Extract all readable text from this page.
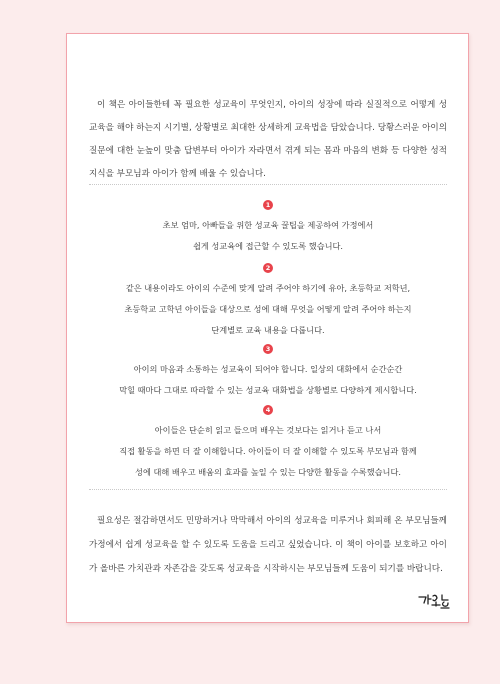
이 책은 아이들한테 꼭 필요한 성교육이 무엇인지, 아이의 성장에 따라 실질적으로 어떻게 성교육을 해야 하는지 시기별, 상황별로 최대한 상세하게 교육법을 담았습니다. 당황스러운 아이의 질문에 대한 눈높이 맞춤 답변부터 아이가 자라면서 겪게 되는 몸과 마음의 변화 등 다양한 성적 지식을 부모님과 아이가 함께 배울 수 있습니다.

1
초보 엄마, 아빠들을 위한 성교육 꿀팁을 제공하여 가정에서
쉽게 성교육에 접근할 수 있도록 했습니다.
2
같은 내용이라도 아이의 수준에 맞게 알려 주어야 하기에 유아, 초등학교 저학년,
초등학교 고학년 아이들을 대상으로 성에 대해 무엇을 어떻게 알려 주어야 하는지
단계별로 교육 내용을 다룹니다.
3
아이의 마음과 소통하는 성교육이 되어야 합니다. 일상의 대화에서 순간순간
막힐 때마다 그대로 따라할 수 있는 성교육 대화법을 상황별로 다양하게 제시합니다.
4
아이들은 단순히 읽고 들으며 배우는 것보다는 읽거나 듣고 나서
직접 활동을 하면 더 잘 이해합니다. 아이들이 더 잘 이해할 수 있도록 부모님과 함께
성에 대해 배우고 배움의 효과를 높일 수 있는 다양한 활동을 수록했습니다.

필요성은 절감하면서도 민망하거나 막막해서 아이의 성교육을 미루거나 회피해 온 부모님들께 가정에서 쉽게 성교육을 할 수 있도록 도움을 드리고 싶었습니다. 이 책이 아이를 보호하고 아이가 올바른 가치관과 자존감을 갖도록 성교육을 시작하시는 부모님들께 도움이 되기를 바랍니다.
